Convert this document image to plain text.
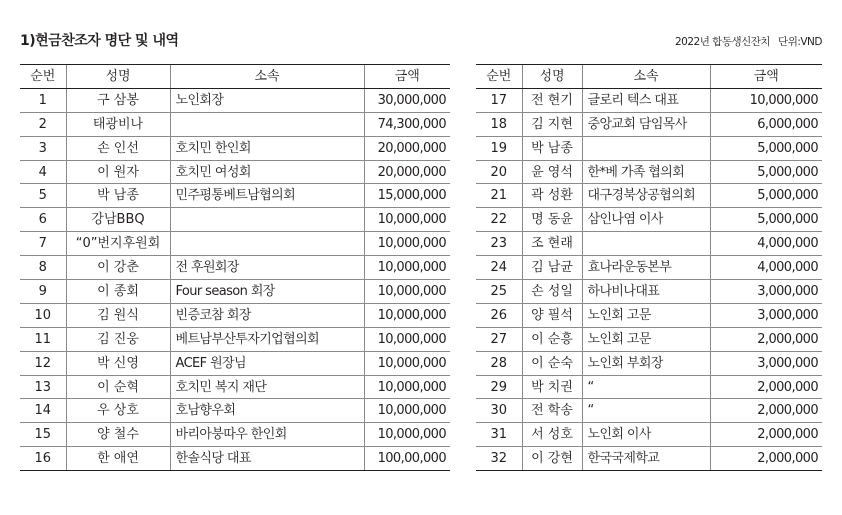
1)현금찬조자 명단 및 내역	2022년 합동생신잔치 단위:VND
순번	성명	소속	금액
1	구 삼봉	노인회장	30,000,000
2	태광비나		74,300,000
3	손 인선	호치민 한인회	20,000,000
4	이 원자	호치민 여성회	20,000,000
5	박 남종	민주평통베트남협의회	15,000,000
6	강남BBQ		10,000,000
7	“0”번지후원회		10,000,000
8	이 강춘	전 후원회장	10,000,000
9	이 종회	Four season 회장	10,000,000
10	김 원식	빈증코참 회장	10,000,000
11	김 진웅	베트남부산투자기업협의회	10,000,000
12	박 신영	ACEF 원장님	10,000,000
13	이 순혁	호치민 복지 재단	10,000,000
14	우 상호	호남향우회	10,000,000
15	양 철수	바리아붕따우 한인회	10,000,000
16	한 애연	한솔식당 대표	100,00,000
순번	성명	소속	금액
17	전 현기	글로리 텍스 대표	10,000,000
18	김 지현	중앙교회 담임목사	6,000,000
19	박 남종		5,000,000
20	윤 영석	한*베 가족 협의회	5,000,000
21	곽 성환	대구경북상공협의회	5,000,000
22	명 동윤	삼인나염 이사	5,000,000
23	조 현래		4,000,000
24	김 남균	효나라운동본부	4,000,000
25	손 성일	하나비나대표	3,000,000
26	양 필석	노인회 고문	3,000,000
27	이 순흥	노인회 고문	2,000,000
28	이 순숙	노인회 부회장	3,000,000
29	박 치권	“	2,000,000
30	전 학송	“	2,000,000
31	서 성호	노인회 이사	2,000,000
32	이 강현	한국국제학교	2,000,000
